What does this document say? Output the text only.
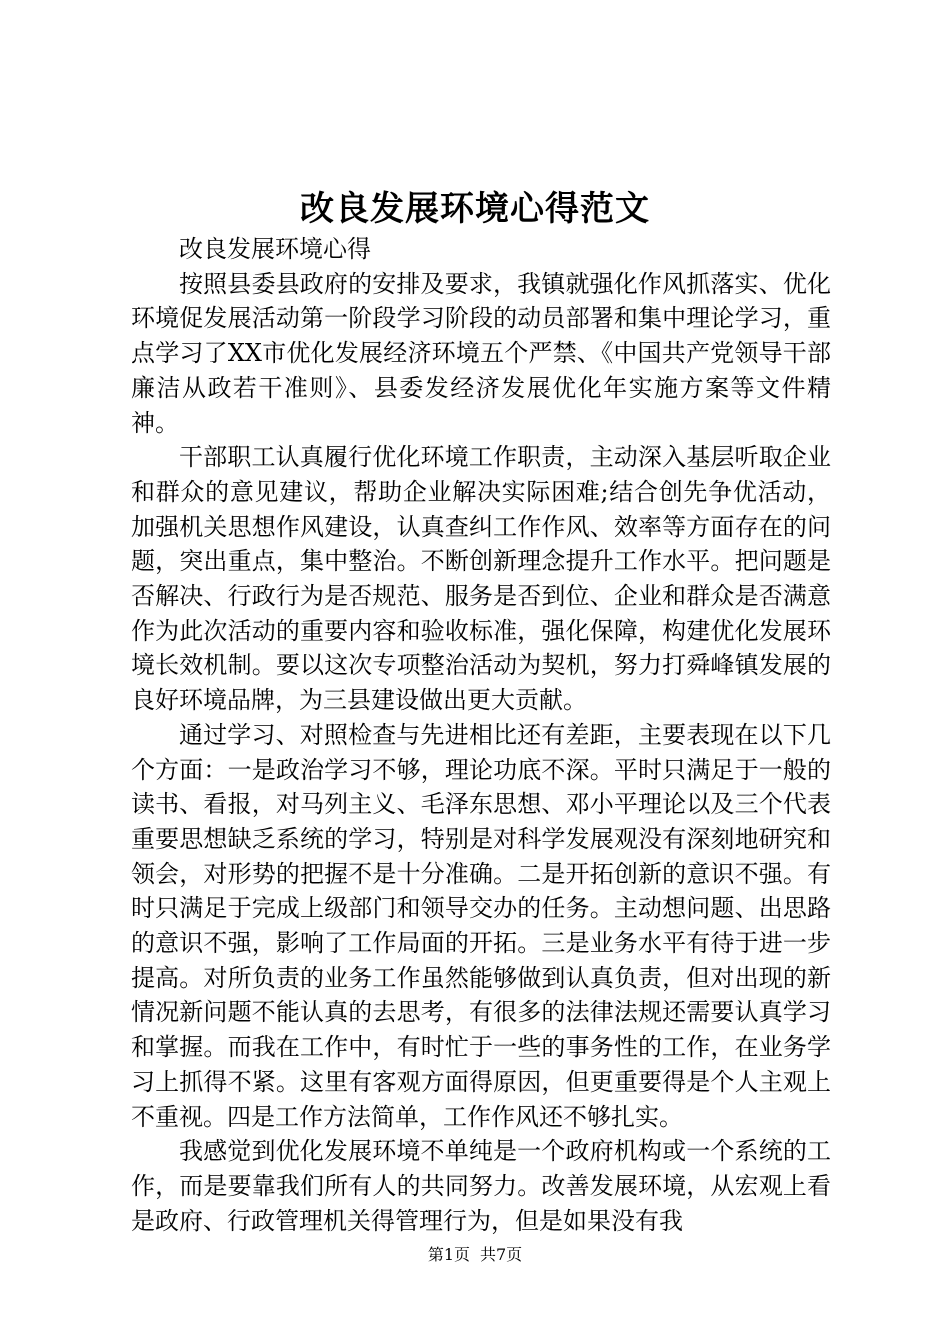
改良发展环境心得范文

改良发展环境心得

按照县委县政府的安排及要求，我镇就强化作风抓落实、优化环境促发展活动第一阶段学习阶段的动员部署和集中理论学习，重点学习了XX市优化发展经济环境五个严禁、《中国共产党领导干部廉洁从政若干准则》、县委发经济发展优化年实施方案等文件精神。

干部职工认真履行优化环境工作职责，主动深入基层听取企业和群众的意见建议，帮助企业解决实际困难;结合创先争优活动，加强机关思想作风建设，认真查纠工作作风、效率等方面存在的问题，突出重点，集中整治。不断创新理念提升工作水平。把问题是否解决、行政行为是否规范、服务是否到位、企业和群众是否满意作为此次活动的重要内容和验收标准，强化保障，构建优化发展环境长效机制。要以这次专项整治活动为契机，努力打舜峰镇发展的良好环境品牌，为三县建设做出更大贡献。

通过学习、对照检查与先进相比还有差距，主要表现在以下几个方面：一是政治学习不够，理论功底不深。平时只满足于一般的读书、看报，对马列主义、毛泽东思想、邓小平理论以及三个代表重要思想缺乏系统的学习，特别是对科学发展观没有深刻地研究和领会，对形势的把握不是十分准确。二是开拓创新的意识不强。有时只满足于完成上级部门和领导交办的任务。主动想问题、出思路的意识不强，影响了工作局面的开拓。三是业务水平有待于进一步提高。对所负责的业务工作虽然能够做到认真负责，但对出现的新情况新问题不能认真的去思考，有很多的法律法规还需要认真学习和掌握。而我在工作中，有时忙于一些的事务性的工作，在业务学习上抓得不紧。这里有客观方面得原因，但更重要得是个人主观上不重视。四是工作方法简单，工作作风还不够扎实。

我感觉到优化发展环境不单纯是一个政府机构或一个系统的工作，而是要靠我们所有人的共同努力。改善发展环境，从宏观上看是政府、行政管理机关得管理行为，但是如果没有我

第1页 共7页
